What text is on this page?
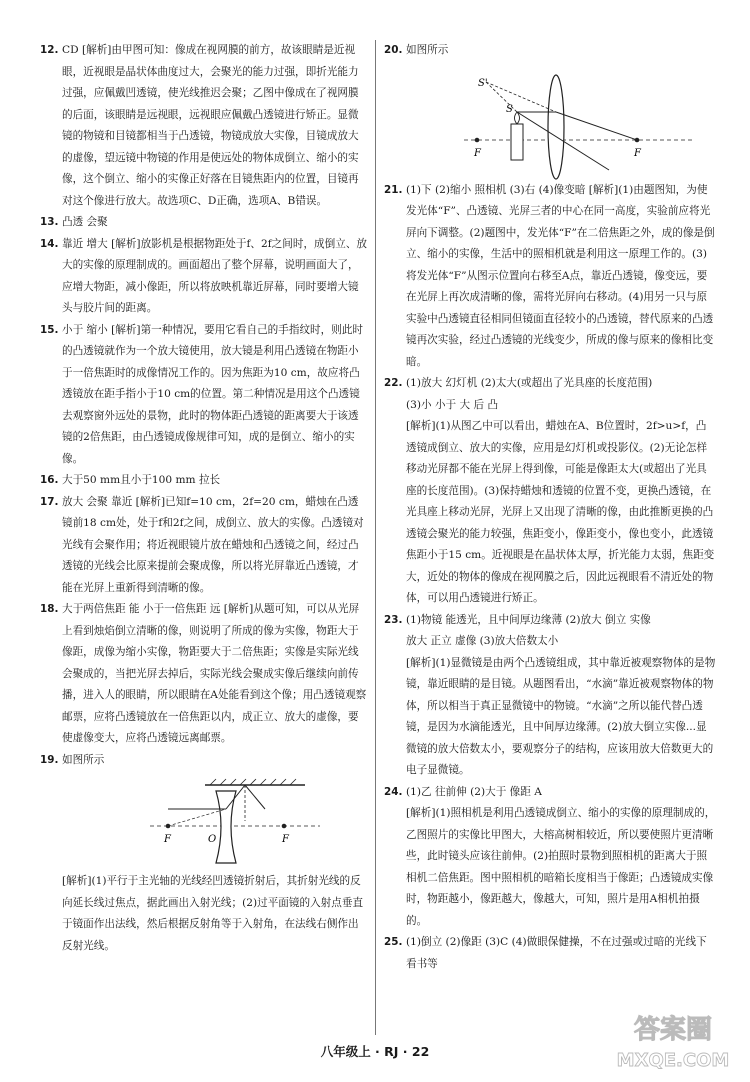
12. CD [解析]由甲图可知：像成在视网膜的前方，故该眼睛是近视眼，近视眼是晶状体曲度过大，会聚光的能力过强，即折光能力过强，应佩戴凹透镜，使光线推迟会聚；乙图中像成在了视网膜的后面，该眼睛是远视眼，远视眼应佩戴凸透镜进行矫正。显微镜的物镜和目镜都相当于凸透镜，物镜成放大实像，目镜成放大的虚像，望远镜中物镜的作用是使远处的物体成倒立、缩小的实像，这个倒立、缩小的实像正好落在目镜焦距内的位置，目镜再对这个像进行放大。故选项C、D正确，选项A、B错误。
13. 凸透 会聚
14. 靠近 增大 [解析]放影机是根据物距处于f、2f之间时，成倒立、放大的实像的原理制成的。画面超出了整个屏幕，说明画面大了，应增大物距，减小像距，所以将放映机靠近屏幕，同时要增大镜头与胶片间的距离。
15. 小于 缩小 [解析]第一种情况，要用它看自己的手指纹时，则此时的凸透镜就作为一个放大镜使用，放大镜是利用凸透镜在物距小于一倍焦距时的成像情况工作的。因为焦距为10 cm，故应将凸透镜放在距手指小于10 cm的位置。第二种情况是用这个凸透镜去观察窗外远处的景物，此时的物体距凸透镜的距离要大于该透镜的2倍焦距，由凸透镜成像规律可知，成的是倒立、缩小的实像。
16. 大于50 mm且小于100 mm 拉长
17. 放大 会聚 靠近 [解析]已知f=10 cm，2f=20 cm，蜡烛在凸透镜前18 cm处，处于f和2f之间，成倒立、放大的实像。凸透镜对光线有会聚作用；将近视眼镜片放在蜡烛和凸透镜之间，经过凸透镜的光线会比原来提前会聚成像，所以将光屏靠近凸透镜，才能在光屏上重新得到清晰的像。
18. 大于两倍焦距 能 小于一倍焦距 远 [解析]从题可知，可以从光屏上看到烛焰倒立清晰的像，则说明了所成的像为实像，物距大于像距，成像为缩小实像，物距要大于二倍焦距；实像是实际光线会聚成的，当把光屏去掉后，实际光线会聚成实像后继续向前传播，进入人的眼睛，所以眼睛在A处能看到这个像；用凸透镜观察邮票，应将凸透镜放在一倍焦距以内，成正立、放大的虚像，要使虚像变大，应将凸透镜远离邮票。
19. 如图所示
F	O	F
[解析](1)平行于主光轴的光线经凹透镜折射后，其折射光线的反向延长线过焦点，据此画出入射光线；(2)过平面镜的入射点垂直于镜面作出法线，然后根据反射角等于入射角，在法线右侧作出反射光线。
20. 如图所示
S'
S
F	F
21. (1)下 (2)缩小 照相机 (3)右 (4)像变暗 [解析](1)由题图知，为使发光体“F”、凸透镜、光屏三者的中心在同一高度，实验前应将光屏向下调整。(2)题图中，发光体“F”在二倍焦距之外，成的像是倒立、缩小的实像，生活中的照相机就是利用这一原理工作的。(3)将发光体“F”从图示位置向右移至A点，靠近凸透镜，像变远，要在光屏上再次成清晰的像，需将光屏向右移动。(4)用另一只与原实验中凸透镜直径相同但镜面直径较小的凸透镜，替代原来的凸透镜再次实验，经过凸透镜的光线变少，所成的像与原来的像相比变暗。
22. (1)放大 幻灯机 (2)太大(或超出了光具座的长度范围)
(3)小 小于 大 后 凸
[解析](1)从图乙中可以看出，蜡烛在A、B位置时，2f>u>f，凸透镜成倒立、放大的实像，应用是幻灯机或投影仪。(2)无论怎样移动光屏都不能在光屏上得到像，可能是像距太大(或超出了光具座的长度范围)。(3)保持蜡烛和透镜的位置不变，更换凸透镜，在光具座上移动光屏，光屏上又出现了清晰的像，由此推断更换的凸透镜会聚光的能力较强，焦距变小，像距变小，像也变小，此透镜焦距小于15 cm。近视眼是在晶状体太厚，折光能力太弱，焦距变大，近处的物体的像成在视网膜之后，因此远视眼看不清近处的物体，可以用凸透镜进行矫正。
23. (1)物镜 能透光，且中间厚边缘薄 (2)放大 倒立 实像
放大 正立 虚像 (3)放大倍数太小
[解析](1)显微镜是由两个凸透镜组成，其中靠近被观察物体的是物镜，靠近眼睛的是目镜。从题图看出，“水滴”靠近被观察物体的物体，所以相当于真正显微镜中的物镜。“水滴”之所以能代替凸透镜，是因为水滴能透光，且中间厚边缘薄。(2)放大倒立实像...显微镜的放大倍数太小，要观察分子的结构，应该用放大倍数更大的电子显微镜。
24. (1)乙 往前伸 (2)大于 像距 A
[解析](1)照相机是利用凸透镜成倒立、缩小的实像的原理制成的，乙图照片的实像比甲图大，大榕高树相较近，所以要使照片更清晰些，此时镜头应该往前伸。(2)拍照时景物到照相机的距离大于照相机二倍焦距。图中照相机的暗箱长度相当于像距；凸透镜成实像时，物距越小，像距越大，像越大，可知，照片是用A相机拍摄的。
25. (1)倒立 (2)像距 (3)C (4)做眼保健操，不在过强或过暗的光线下看书等
八年级上 · RJ · 22
答案圈
MXQE.COM
